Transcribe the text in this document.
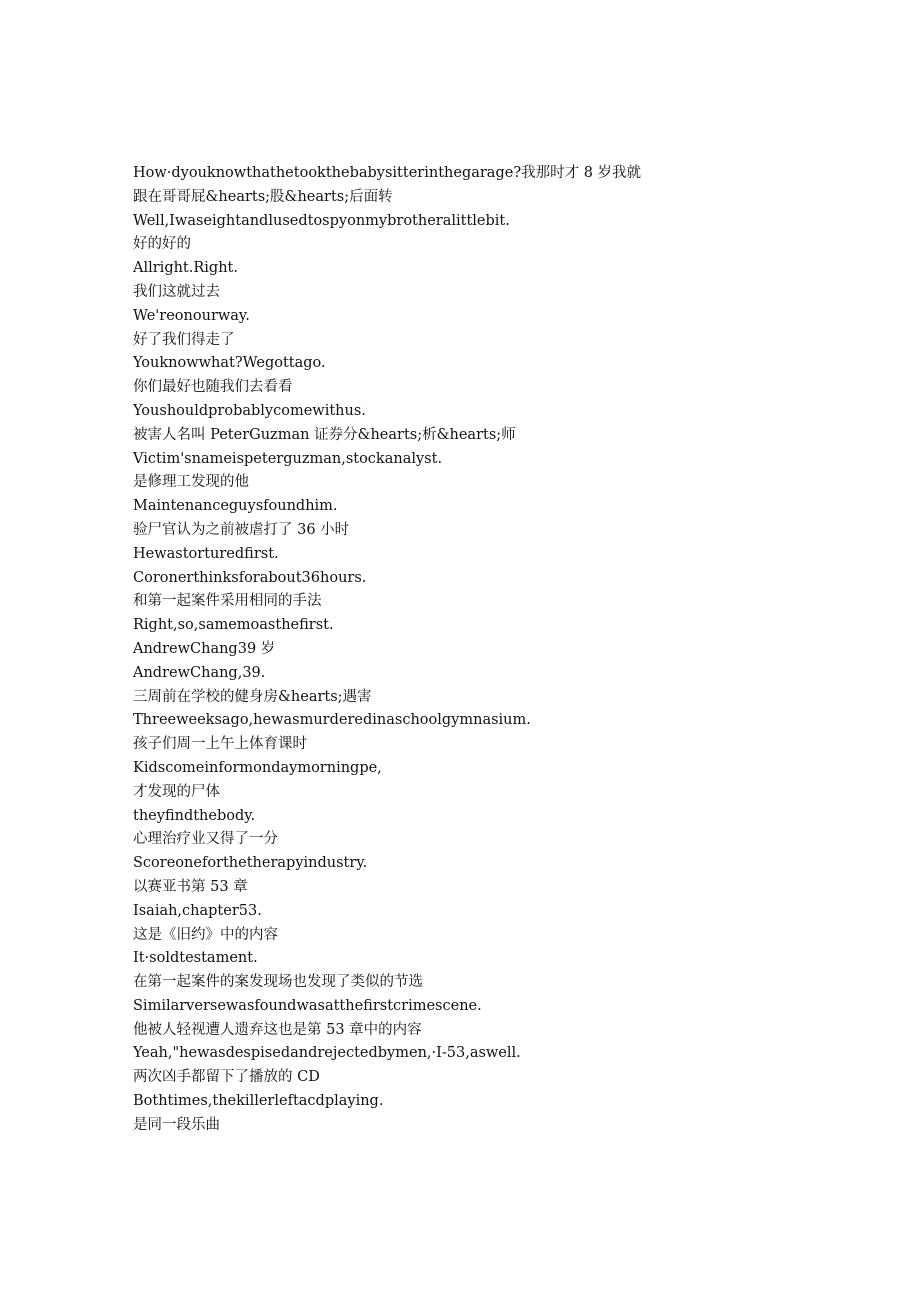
How·dyouknowthathetookthebabysitterinthegarage?我那时才 8 岁我就
跟在哥哥屁&hearts;股&hearts;后面转
Well,Iwaseightandlusedtospyonmybrotheralittlebit.
好的好的
Allright.Right.
我们这就过去
We'reonourway.
好了我们得走了
Youknowwhat?Wegottago.
你们最好也随我们去看看
Youshouldprobablycomewithus.
被害人名叫 PeterGuzman 证券分&hearts;析&hearts;师
Victim'snameispeterguzman,stockanalyst.
是修理工发现的他
Maintenanceguysfoundhim.
验尸官认为之前被虐打了 36 小时
Hewastorturedfirst.
Coronerthinksforabout36hours.
和第一起案件采用相同的手法
Right,so,samemoasthefirst.
AndrewChang39 岁
AndrewChang,39.
三周前在学校的健身房&hearts;遇害
Threeweeksago,hewasmurderedinaschoolgymnasium.
孩子们周一上午上体育课时
Kidscomeinformondaymorningpe,
才发现的尸体
theyfindthebody.
心理治疗业又得了一分
Scoreoneforthetherapyindustry.
以赛亚书第 53 章
Isaiah,chapter53.
这是《旧约》中的内容
It·soldtestament.
在第一起案件的案发现场也发现了类似的节选
Similarversewasfoundwasatthefirstcrimescene.
他被人轻视遭人遗弃这也是第 53 章中的内容
Yeah,"hewasdespisedandrejectedbymen,·I-53,aswell.
两次凶手都留下了播放的 CD
Bothtimes,thekillerleftacdplaying.
是同一段乐曲
